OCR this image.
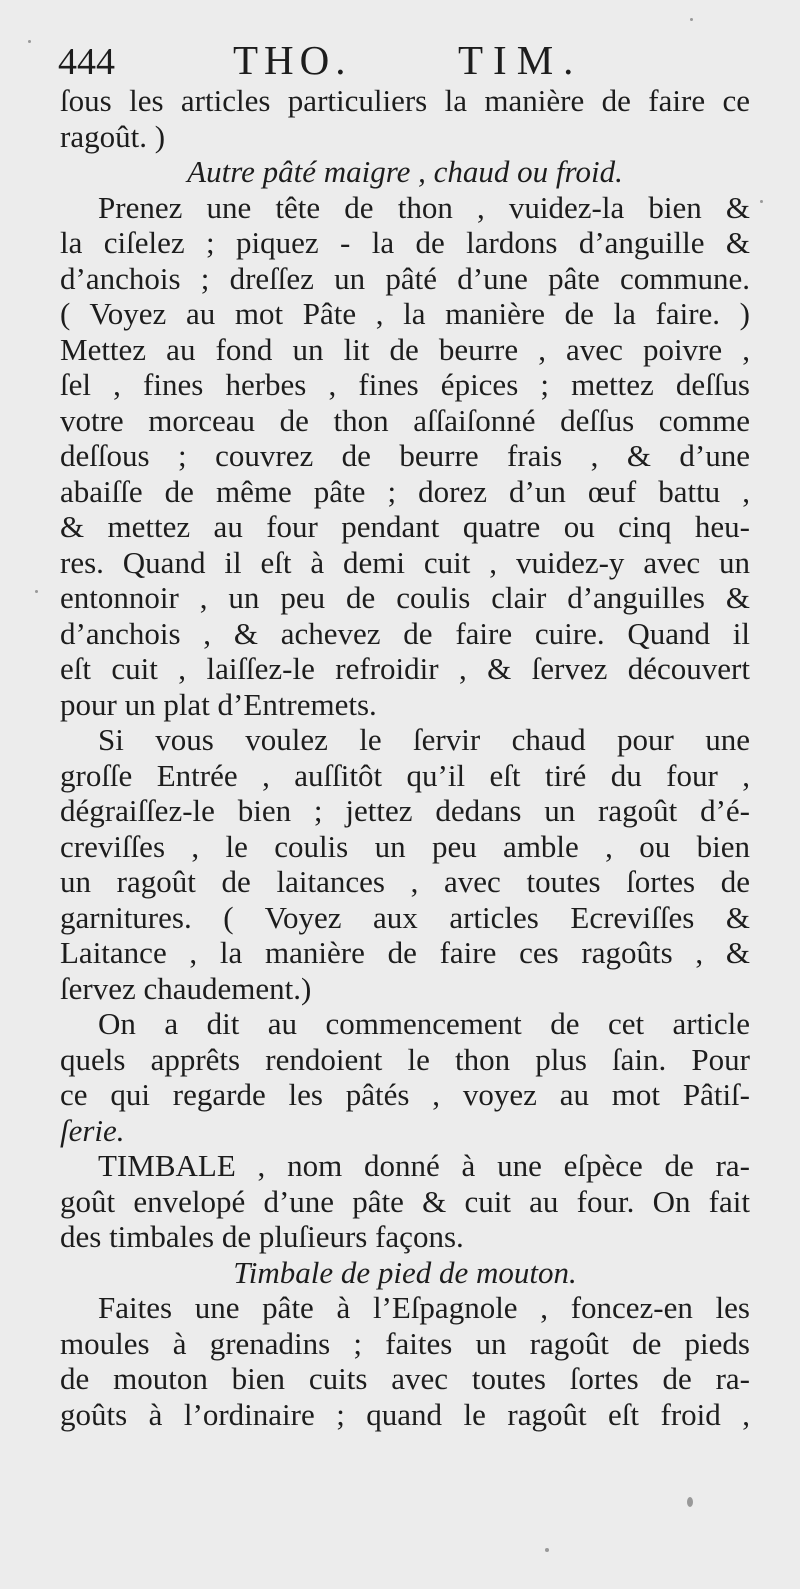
444	THO.	TIM.
ſous les articles particuliers la manière de faire ce
ragoût. )
Autre pâté maigre , chaud ou froid.
Prenez une tête de thon , vuidez-la bien &
la ciſelez ; piquez - la de lardons d’anguille &
d’anchois ; dreſſez un pâté d’une pâte commune.
( Voyez au mot Pâte , la manière de la faire. )
Mettez au fond un lit de beurre , avec poivre ,
ſel , fines herbes , fines épices ; mettez deſſus
votre morceau de thon aſſaiſonné deſſus comme
deſſous ; couvrez de beurre frais , & d’une
abaiſſe de même pâte ; dorez d’un œuf battu ,
& mettez au four pendant quatre ou cinq heu-
res. Quand il eſt à demi cuit , vuidez-y avec un
entonnoir , un peu de coulis clair d’anguilles &
d’anchois , & achevez de faire cuire. Quand il
eſt cuit , laiſſez-le refroidir , & ſervez découvert
pour un plat d’Entremets.
Si vous voulez le ſervir chaud pour une
groſſe Entrée , auſſitôt qu’il eſt tiré du four ,
dégraiſſez-le bien ; jettez dedans un ragoût d’é-
creviſſes , le coulis un peu amble , ou bien
un ragoût de laitances , avec toutes ſortes de
garnitures. ( Voyez aux articles Ecreviſſes &
Laitance , la manière de faire ces ragoûts , &
ſervez chaudement.)
On a dit au commencement de cet article
quels apprêts rendoient le thon plus ſain. Pour
ce qui regarde les pâtés , voyez au mot Pâtiſ-
ſerie.
TIMBALE , nom donné à une eſpèce de ra-
goût envelopé d’une pâte & cuit au four. On fait
des timbales de pluſieurs façons.
Timbale de pied de mouton.
Faites une pâte à l’Eſpagnole , foncez-en les
moules à grenadins ; faites un ragoût de pieds
de mouton bien cuits avec toutes ſortes de ra-
goûts à l’ordinaire ; quand le ragoût eſt froid ,
